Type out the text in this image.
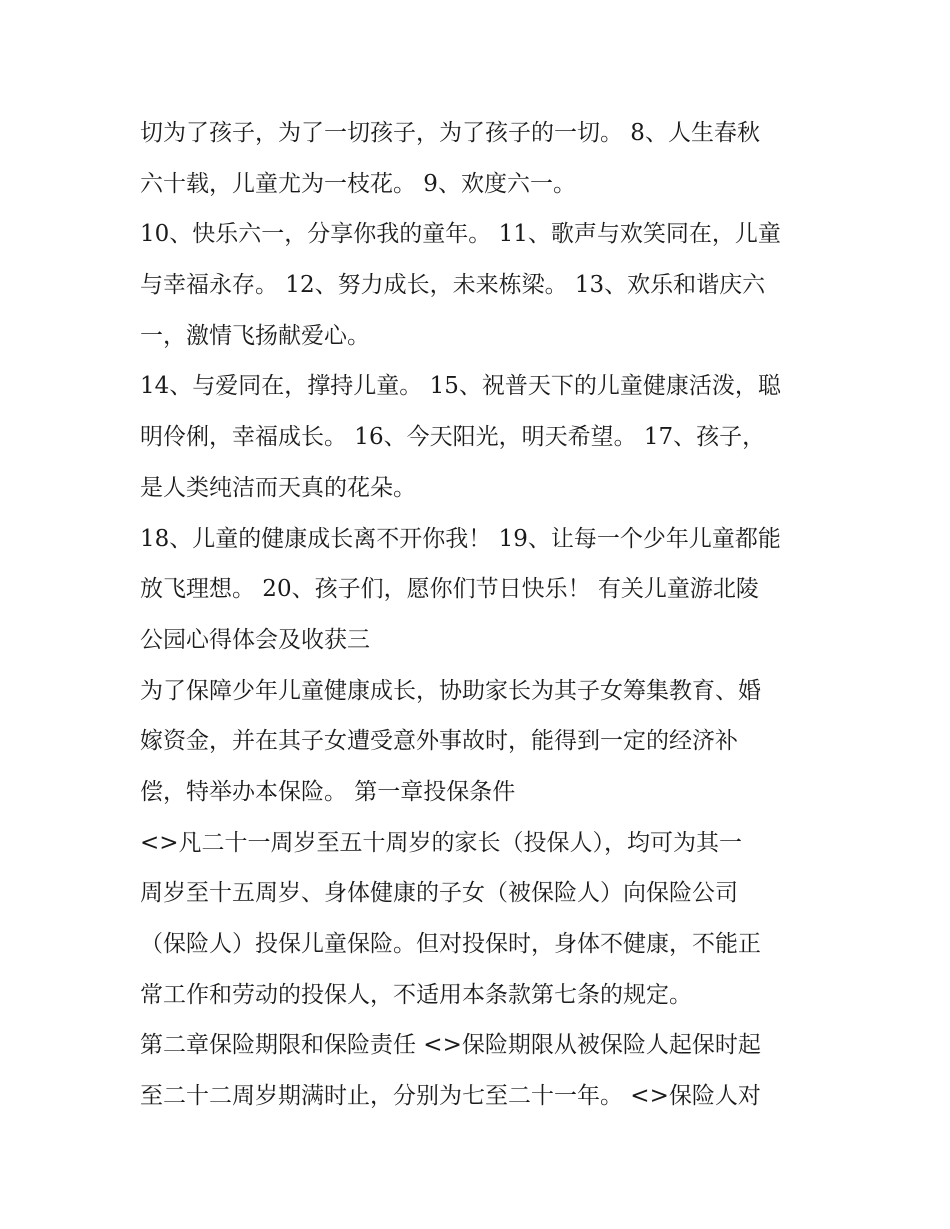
切为了孩子，为了一切孩子，为了孩子的一切。 8、人生春秋
六十载，儿童尤为一枝花。 9、欢度六一。
10、快乐六一，分享你我的童年。 11、歌声与欢笑同在，儿童
与幸福永存。 12、努力成长，未来栋梁。 13、欢乐和谐庆六
一，激情飞扬献爱心。
14、与爱同在，撑持儿童。 15、祝普天下的儿童健康活泼，聪
明伶俐，幸福成长。 16、今天阳光，明天希望。 17、孩子，
是人类纯洁而天真的花朵。
18、儿童的健康成长离不开你我！ 19、让每一个少年儿童都能
放飞理想。 20、孩子们，愿你们节日快乐！ 有关儿童游北陵
公园心得体会及收获三
为了保障少年儿童健康成长，协助家长为其子女筹集教育、婚
嫁资金，并在其子女遭受意外事故时，能得到一定的经济补
偿，特举办本保险。 第一章投保条件
<>凡二十一周岁至五十周岁的家长（投保人），均可为其一
周岁至十五周岁、身体健康的子女（被保险人）向保险公司
（保险人）投保儿童保险。但对投保时，身体不健康，不能正
常工作和劳动的投保人，不适用本条款第七条的规定。
第二章保险期限和保险责任 <>保险期限从被保险人起保时起
至二十二周岁期满时止，分别为七至二十一年。 <>保险人对
